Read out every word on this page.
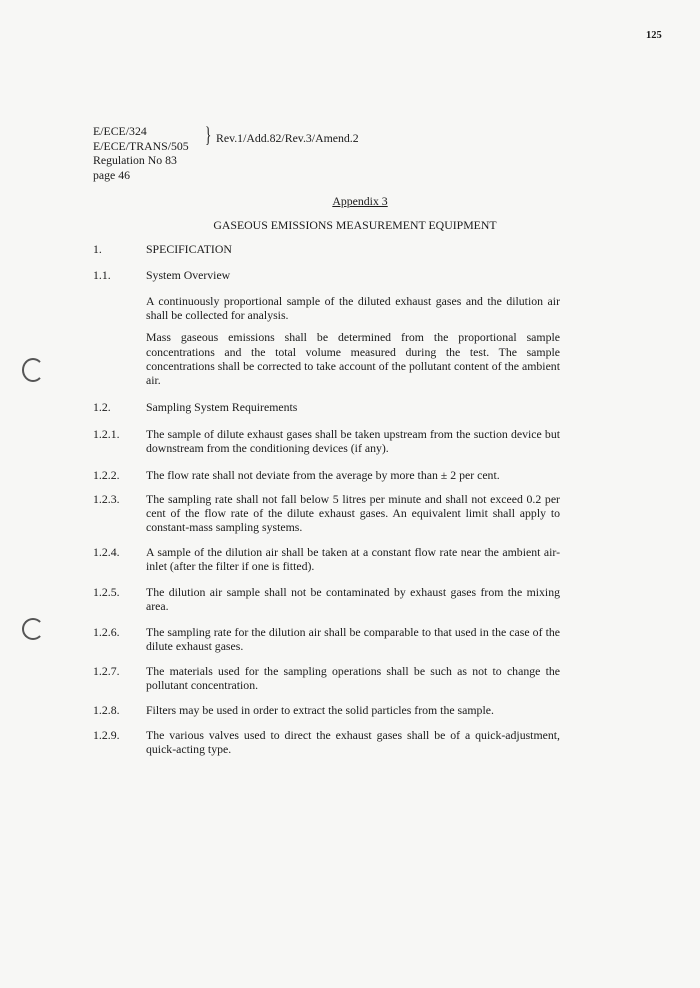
125
E/ECE/324
E/ECE/TRANS/505
Regulation No 83
page 46
} Rev.1/Add.82/Rev.3/Amend.2
Appendix 3
GASEOUS EMISSIONS MEASUREMENT EQUIPMENT
1.	SPECIFICATION

1.1.	System Overview

A continuously proportional sample of the diluted exhaust gases and the dilution air shall be collected for analysis.

Mass gaseous emissions shall be determined from the proportional sample concentrations and the total volume measured during the test. The sample concentrations shall be corrected to take account of the pollutant content of the ambient air.

1.2.	Sampling System Requirements

1.2.1.	The sample of dilute exhaust gases shall be taken upstream from the suction device but downstream from the conditioning devices (if any).

1.2.2.	The flow rate shall not deviate from the average by more than ± 2 per cent.

1.2.3.	The sampling rate shall not fall below 5 litres per minute and shall not exceed 0.2 per cent of the flow rate of the dilute exhaust gases. An equivalent limit shall apply to constant-mass sampling systems.

1.2.4.	A sample of the dilution air shall be taken at a constant flow rate near the ambient air-inlet (after the filter if one is fitted).

1.2.5.	The dilution air sample shall not be contaminated by exhaust gases from the mixing area.

1.2.6.	The sampling rate for the dilution air shall be comparable to that used in the case of the dilute exhaust gases.

1.2.7.	The materials used for the sampling operations shall be such as not to change the pollutant concentration.

1.2.8.	Filters may be used in order to extract the solid particles from the sample.

1.2.9.	The various valves used to direct the exhaust gases shall be of a quick-adjustment, quick-acting type.
